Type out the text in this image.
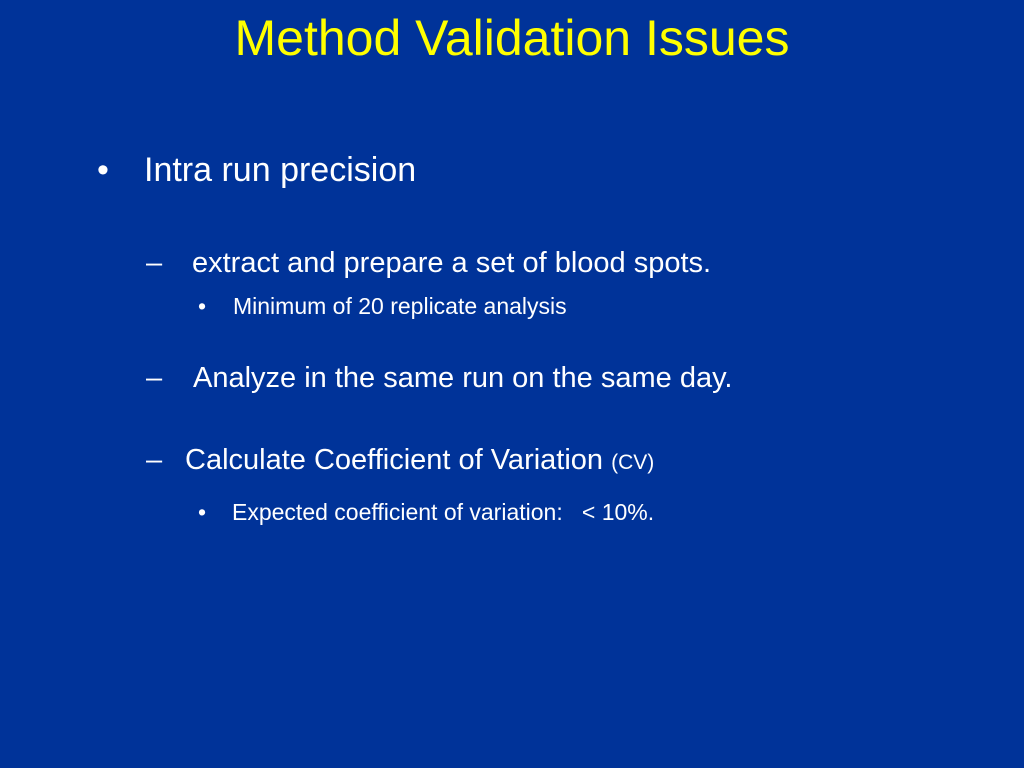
Method Validation Issues
• Intra run precision
– extract and prepare a set of blood spots.
• Minimum of 20 replicate analysis
– Analyze in the same run on the same day.
– Calculate Coefficient of Variation (CV)
• Expected coefficient of variation:   < 10%.
